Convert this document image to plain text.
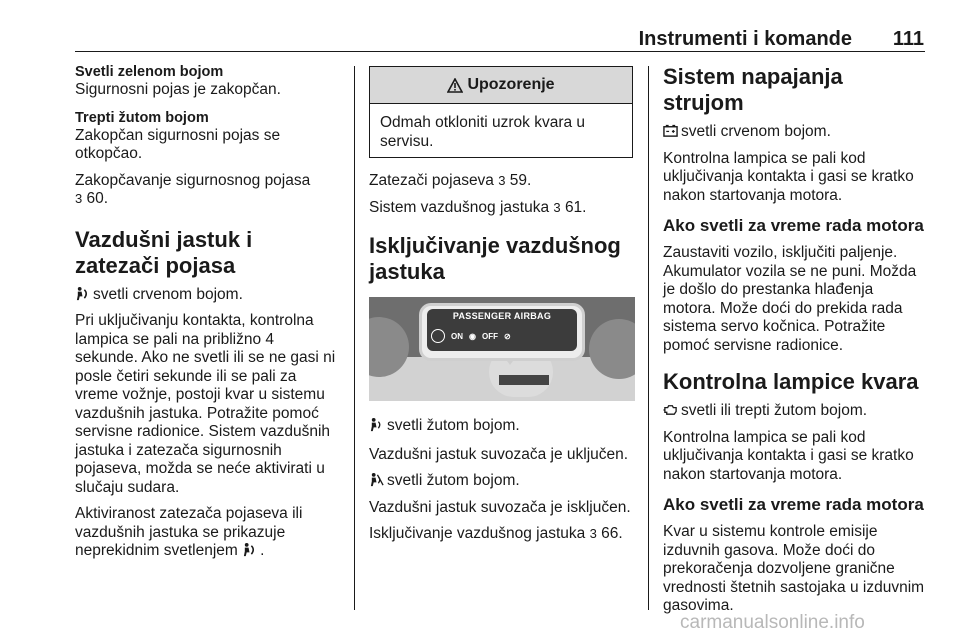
Instrumenti i komande	111

Svetli zelenom bojom

Sigurnosni pojas je zakopčan.

Trepti žutom bojom

Zakopčan sigurnosni pojas se otkopčao.

Zakopčavanje sigurnosnog pojasa
3 60.

Vazdušni jastuk i zatezači pojasa

svetli crvenom bojom.

Pri uključivanju kontakta, kontrolna lampica se pali na približno 4 sekunde. Ako ne svetli ili se ne gasi ni posle četiri sekunde ili se pali za vreme vožnje, postoji kvar u sistemu vazdušnih jastuka. Potražite pomoć servisne radionice. Sistem vazdušnih jastuka i zatezača sigurnosnih pojaseva, možda se neće aktivirati u slučaju sudara.

Aktiviranost zatezača pojaseva ili vazdušnih jastuka se prikazuje neprekidnim svetlenjem .

Upozorenje

Odmah otkloniti uzrok kvara u servisu.

Zatezači pojaseva 3 59.

Sistem vazdušnog jastuka 3 61.

Isključivanje vazdušnog jastuka

PASSENGER AIRBAG
ON ◉ OFF ⊘

svetli žutom bojom.

Vazdušni jastuk suvozača je uključen.

svetli žutom bojom.

Vazdušni jastuk suvozača je isključen.

Isključivanje vazdušnog jastuka 3 66.

Sistem napajanja strujom

svetli crvenom bojom.

Kontrolna lampica se pali kod uključivanja kontakta i gasi se kratko nakon startovanja motora.

Ako svetli za vreme rada motora

Zaustaviti vozilo, isključiti paljenje. Akumulator vozila se ne puni. Možda je došlo do prestanka hlađenja motora. Može doći do prekida rada sistema servo kočnica. Potražite pomoć servisne radionice.

Kontrolna lampice kvara

svetli ili trepti žutom bojom.

Kontrolna lampica se pali kod uključivanja kontakta i gasi se kratko nakon startovanja motora.

Ako svetli za vreme rada motora

Kvar u sistemu kontrole emisije izduvnih gasova. Može doći do prekoračenja dozvoljene granične vrednosti štetnih sastojaka u izduvnim gasovima.

carmanualsonline.info
